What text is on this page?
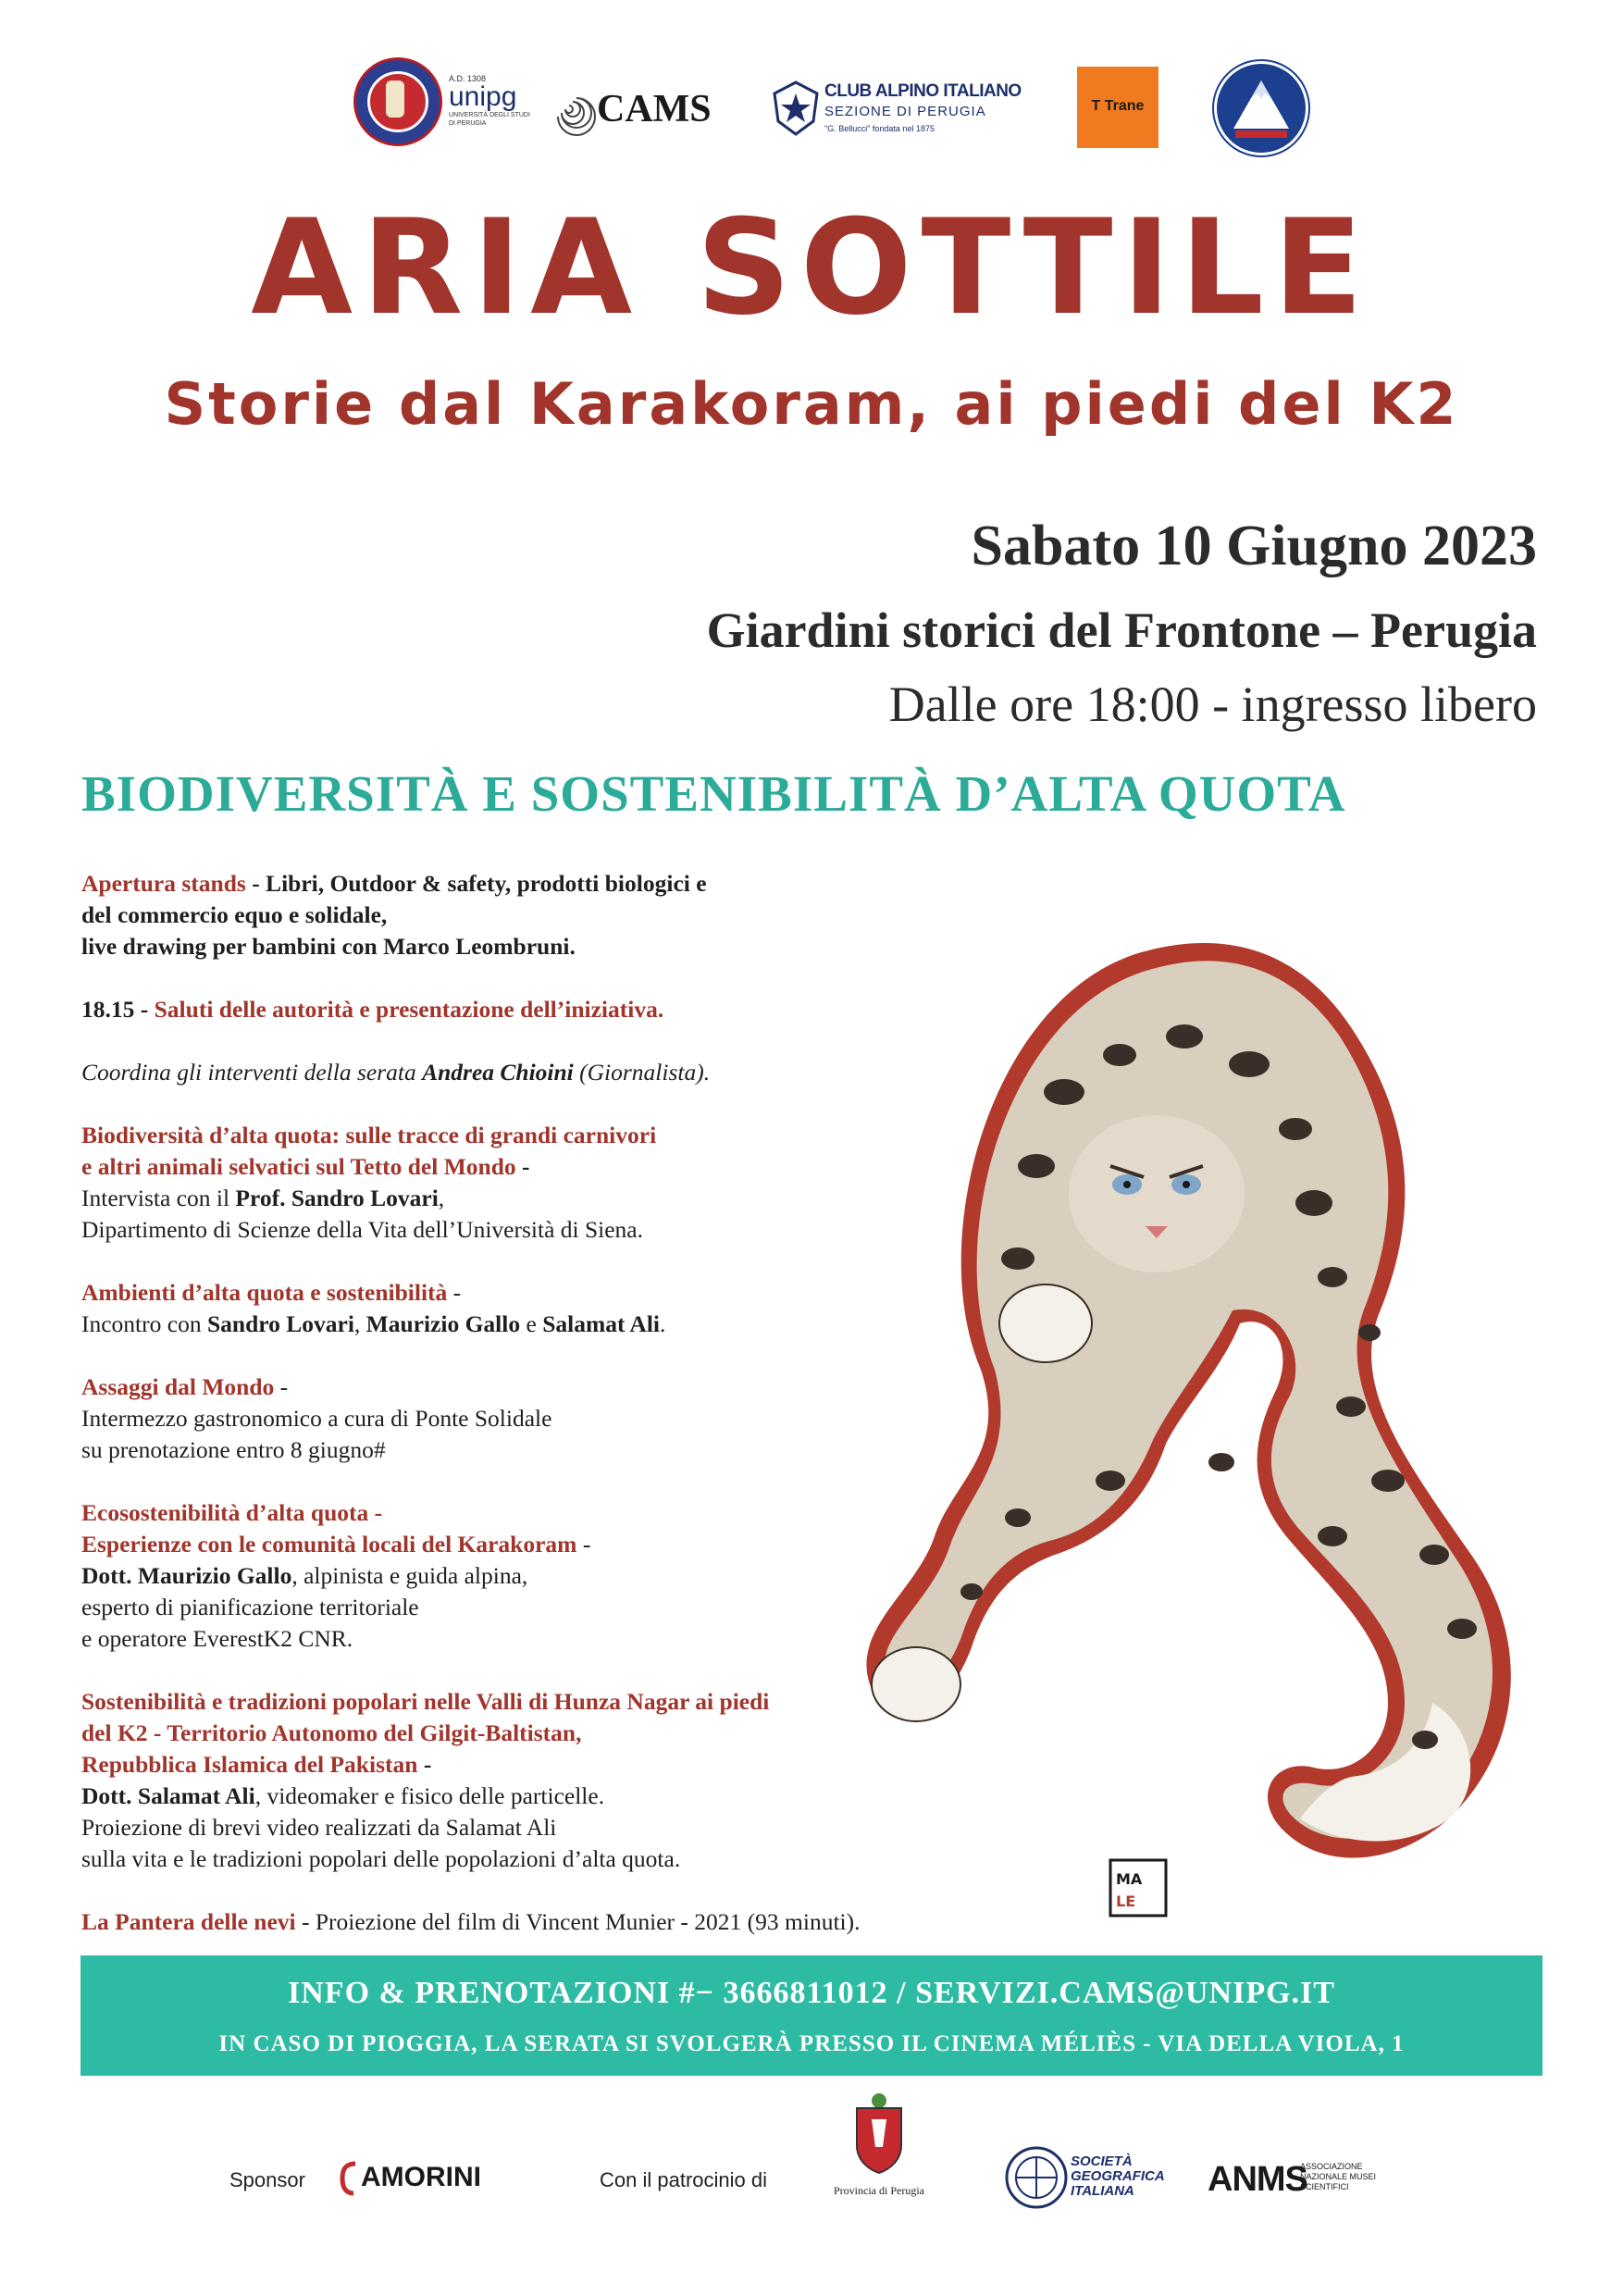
A.D. 1308
unipg
UNIVERSITÀ DEGLI STUDI DI PERUGIA	CAMS	CLUB ALPINO ITALIANO
SEZIONE DI PERUGIA
"G. Bellucci" fondata nel 1875
T Trane
ARIA SOTTILE
Storie dal Karakoram, ai piedi del K2
Sabato 10 Giugno 2023
Giardini storici del Frontone – Perugia
Dalle ore 18:00 - ingresso libero
BIODIVERSITÀ E SOSTENIBILITÀ D’ALTA QUOTA
MA
LE

Apertura stands - Libri, Outdoor & safety, prodotti biologici e
del commercio equo e solidale,
live drawing per bambini con Marco Leombruni.

18.15 - Saluti delle autorità e presentazione dell’iniziativa.

Coordina gli interventi della serata Andrea Chioini (Giornalista).

Biodiversità d’alta quota: sulle tracce di grandi carnivori
e altri animali selvatici sul Tetto del Mondo -
Intervista con il Prof. Sandro Lovari,
Dipartimento di Scienze della Vita dell’Università di Siena.

Ambienti d’alta quota e sostenibilità -
Incontro con Sandro Lovari, Maurizio Gallo e Salamat Ali.

Assaggi dal Mondo -
Intermezzo gastronomico a cura di Ponte Solidale
su prenotazione entro 8 giugno#

Ecosostenibilità d’alta quota -
Esperienze con le comunità locali del Karakoram -
Dott. Maurizio Gallo, alpinista e guida alpina,
esperto di pianificazione territoriale
e operatore EverestK2 CNR.

Sostenibilità e tradizioni popolari nelle Valli di Hunza Nagar ai piedi
del K2 - Territorio Autonomo del Gilgit-Baltistan,
Repubblica Islamica del Pakistan -
Dott. Salamat Ali, videomaker e fisico delle particelle.
Proiezione di brevi video realizzati da Salamat Ali
sulla vita e le tradizioni popolari delle popolazioni d’alta quota.

La Pantera delle nevi - Proiezione del film di Vincent Munier - 2021 (93 minuti).

INFO & PRENOTAZIONI #− 3666811012 / SERVIZI.CAMS@UNIPG.IT
IN CASO DI PIOGGIA, LA SERATA SI SVOLGERÀ PRESSO IL CINEMA MÉLIÈS - VIA DELLA VIOLA, 1
Sponsor AMORINI	Con il patrocinio di	Provincia di Perugia
SOCIETÀ GEOGRAFICA ITALIANA	ANMS
ASSOCIAZIONE NAZIONALE MUSEI SCIENTIFICI
